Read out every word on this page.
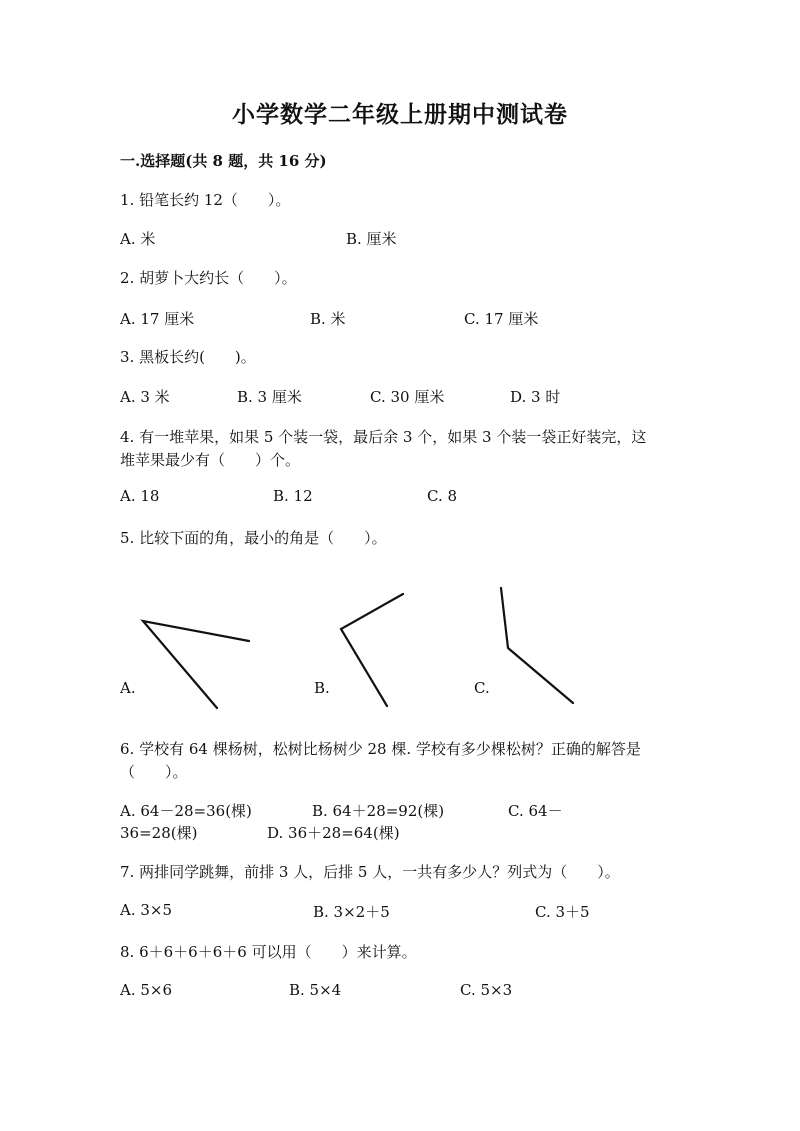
小学数学二年级上册期中测试卷
一.选择题(共 8 题，共 16 分)
1. 铅笔长约 12（　　）。
A. 米	B. 厘米
2. 胡萝卜大约长（　　）。
A. 17 厘米	B. 米	C. 17 厘米
3. 黑板长约(　　)。
A. 3 米	B. 3 厘米	C. 30 厘米	D. 3 时
4. 有一堆苹果，如果 5 个装一袋，最后余 3 个，如果 3 个装一袋正好装完，这
堆苹果最少有（　　）个。
A. 18	B. 12	C. 8
5. 比较下面的角，最小的角是（　　）。
A.	B.	C.
6. 学校有 64 棵杨树，松树比杨树少 28 棵. 学校有多少棵松树？正确的解答是
（　　）。
A. 64－28=36(棵)	B. 64＋28=92(棵)	C. 64－
36=28(棵)	D. 36＋28=64(棵)
7. 两排同学跳舞，前排 3 人，后排 5 人，一共有多少人？列式为（　　）。
A. 3×5	B. 3×2＋5	C. 3＋5
8. 6＋6＋6＋6＋6 可以用（　　）来计算。
A. 5×6	B. 5×4	C. 5×3
